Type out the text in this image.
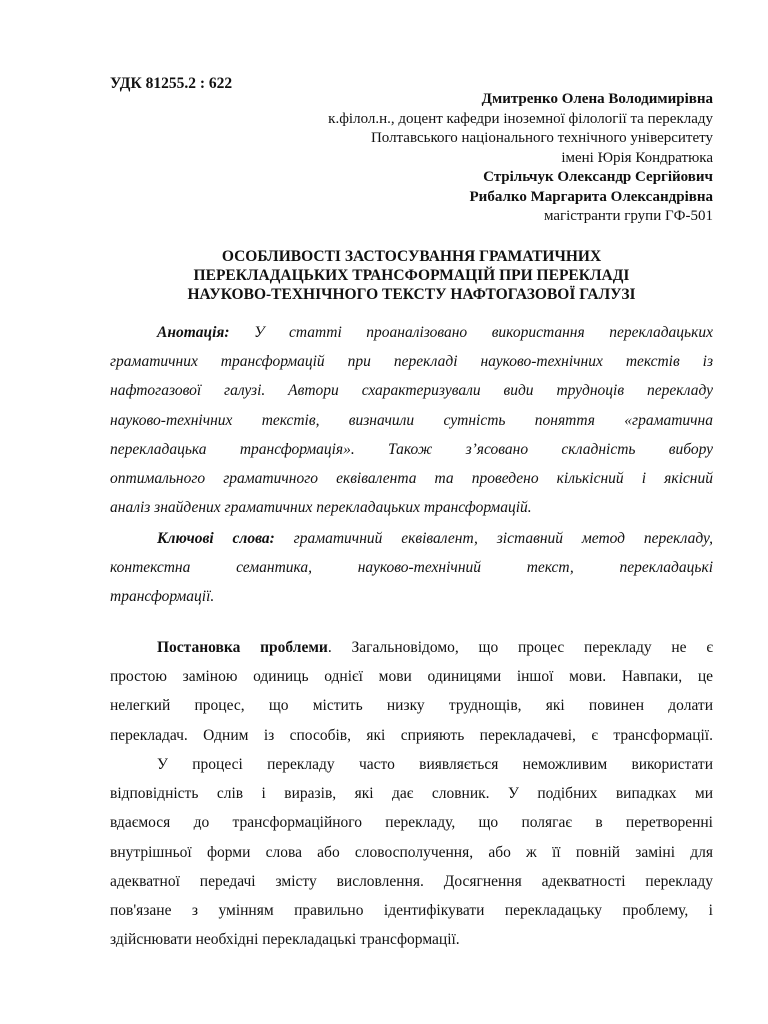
УДК 81255.2 : 622
Дмитренко Олена Володимирівна
к.філол.н., доцент кафедри іноземної філології та перекладу
Полтавського національного технічного університету
імені Юрія Кондратюка
Стрільчук Олександр Сергійович
Рибалко Маргарита Олександрівна
магістранти групи ГФ-501
ОСОБЛИВОСТІ ЗАСТОСУВАННЯ ГРАМАТИЧНИХ
ПЕРЕКЛАДАЦЬКИХ ТРАНСФОРМАЦІЙ ПРИ ПЕРЕКЛАДІ
НАУКОВО-ТЕХНІЧНОГО ТЕКСТУ НАФТОГАЗОВОЇ ГАЛУЗІ
Анотація: У статті проаналізовано використання перекладацьких
граматичних трансформацій при перекладі науково-технічних текстів із
нафтогазової галузі. Автори схарактеризували види трудноців перекладу
науково-технічних текстів, визначили сутність поняття «граматична
перекладацька трансформація». Також з’ясовано складність вибору
оптимального граматичного еквівалента та проведено кількісний і якісний
аналіз знайдених граматичних перекладацьких трансформацій.
Ключові слова: граматичний еквівалент, зіставний метод перекладу,
контекстна семантика, науково-технічний текст, перекладацькі
трансформації.
Постановка проблеми. Загальновідомо, що процес перекладу не є
простою заміною одиниць однієї мови одиницями іншої мови. Навпаки, це
нелегкий процес, що містить низку труднощів, які повинен долати
перекладач. Одним із способів, які сприяють перекладачеві, є трансформації.
У процесі перекладу часто виявляється неможливим використати
відповідність слів і виразів, які дає словник. У подібних випадках ми
вдаємося до трансформаційного перекладу, що полягає в перетворенні
внутрішньої форми слова або словосполучення, або ж її повній заміні для
адекватної передачі змісту висловлення. Досягнення адекватності перекладу
пов'язане з умінням правильно ідентифікувати перекладацьку проблему, і
здійснювати необхідні перекладацькі трансформації.
